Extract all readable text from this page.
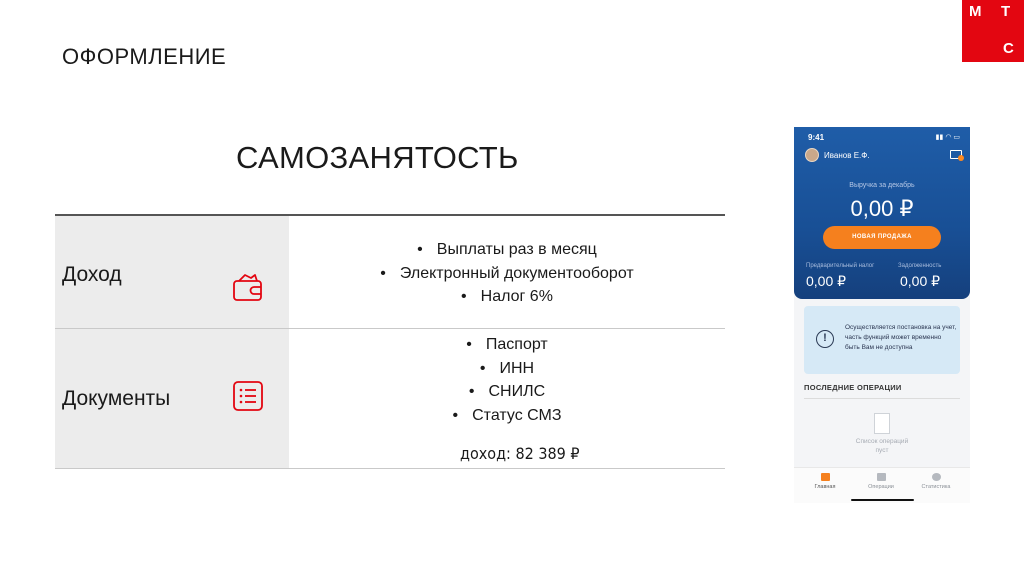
М Т
С
ОФОРМЛЕНИЕ
САМОЗАНЯТОСТЬ
Доход
• Выплаты раз в месяц
• Электронный документооборот
• Налог 6%
Документы
• Паспорт
• ИНН
• СНИЛС
• Статус СМЗ
доход: 82 389 ₽
9:41	▮▮ ◠ ▭
Иванов Е.Ф.
Выручка за декабрь
0,00 ₽
НОВАЯ ПРОДАЖА
Предварительный налог	Задолженность
0,00 ₽	0,00 ₽
!
Осуществляется постановка на учет, часть функций может временно быть Вам не доступна
ПОСЛЕДНИЕ ОПЕРАЦИИ
Список операций пуст
Главная	Операции	Статистика
